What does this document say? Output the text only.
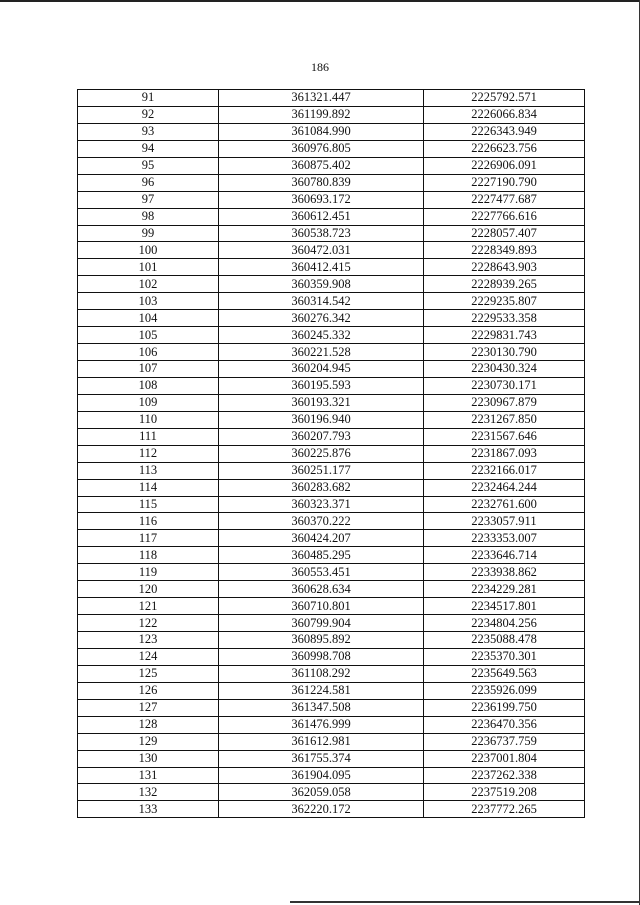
186
91	361321.447	2225792.571
92	361199.892	2226066.834
93	361084.990	2226343.949
94	360976.805	2226623.756
95	360875.402	2226906.091
96	360780.839	2227190.790
97	360693.172	2227477.687
98	360612.451	2227766.616
99	360538.723	2228057.407
100	360472.031	2228349.893
101	360412.415	2228643.903
102	360359.908	2228939.265
103	360314.542	2229235.807
104	360276.342	2229533.358
105	360245.332	2229831.743
106	360221.528	2230130.790
107	360204.945	2230430.324
108	360195.593	2230730.171
109	360193.321	2230967.879
110	360196.940	2231267.850
111	360207.793	2231567.646
112	360225.876	2231867.093
113	360251.177	2232166.017
114	360283.682	2232464.244
115	360323.371	2232761.600
116	360370.222	2233057.911
117	360424.207	2233353.007
118	360485.295	2233646.714
119	360553.451	2233938.862
120	360628.634	2234229.281
121	360710.801	2234517.801
122	360799.904	2234804.256
123	360895.892	2235088.478
124	360998.708	2235370.301
125	361108.292	2235649.563
126	361224.581	2235926.099
127	361347.508	2236199.750
128	361476.999	2236470.356
129	361612.981	2236737.759
130	361755.374	2237001.804
131	361904.095	2237262.338
132	362059.058	2237519.208
133	362220.172	2237772.265
